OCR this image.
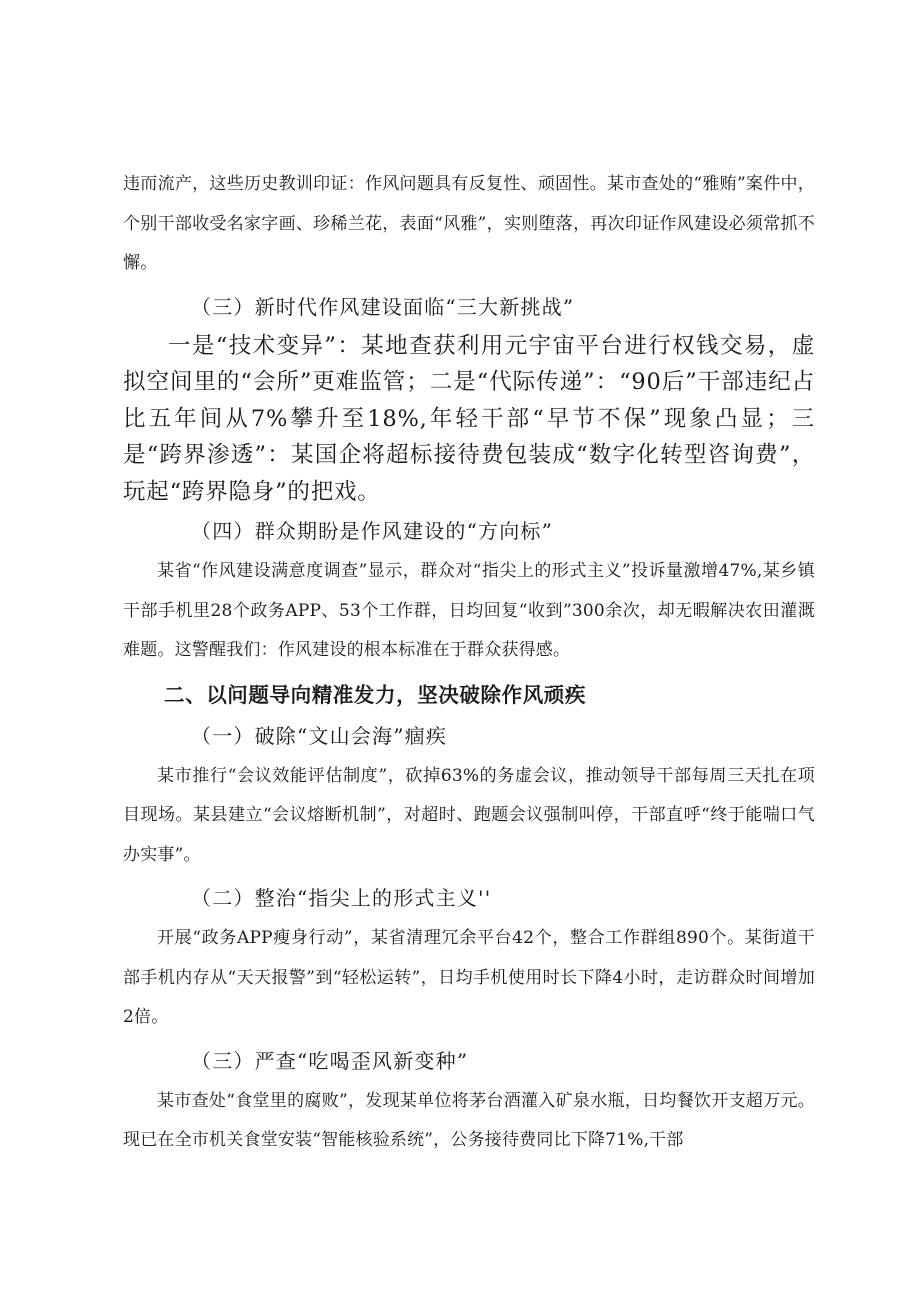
违而流产，这些历史教训印证：作风问题具有反复性、顽固性。某市查处的“雅贿”案件中，个别干部收受名家字画、珍稀兰花，表面“风雅”，实则堕落，再次印证作风建设必须常抓不懈。

（三）新时代作风建设面临“三大新挑战”

一是“技术变异”：某地查获利用元宇宙平台进行权钱交易，虚拟空间里的“会所”更难监管；二是“代际传递”：“90后”干部违纪占比五年间从7%攀升至18%,年轻干部“早节不保”现象凸显；三是“跨界渗透”：某国企将超标接待费包装成“数字化转型咨询费”，玩起“跨界隐身”的把戏。

（四）群众期盼是作风建设的“方向标”

某省“作风建设满意度调查”显示，群众对“指尖上的形式主义”投诉量激增47%,某乡镇干部手机里28个政务APP、53个工作群，日均回复“收到”300余次，却无暇解决农田灌溉难题。这警醒我们：作风建设的根本标准在于群众获得感。

二、以问题导向精准发力，坚决破除作风顽疾

（一）破除“文山会海”痼疾

某市推行“会议效能评估制度”，砍掉63%的务虚会议，推动领导干部每周三天扎在项目现场。某县建立“会议熔断机制”，对超时、跑题会议强制叫停，干部直呼“终于能喘口气办实事”。

（二）整治“指尖上的形式主义''

开展“政务APP瘦身行动”，某省清理冗余平台42个，整合工作群组890个。某街道干部手机内存从“天天报警”到“轻松运转”，日均手机使用时长下降4小时，走访群众时间增加2倍。

（三）严查“吃喝歪风新变种”

某市查处“食堂里的腐败”，发现某单位将茅台酒灌入矿泉水瓶，日均餐饮开支超万元。现已在全市机关食堂安装“智能核验系统”，公务接待费同比下降71%,干部
